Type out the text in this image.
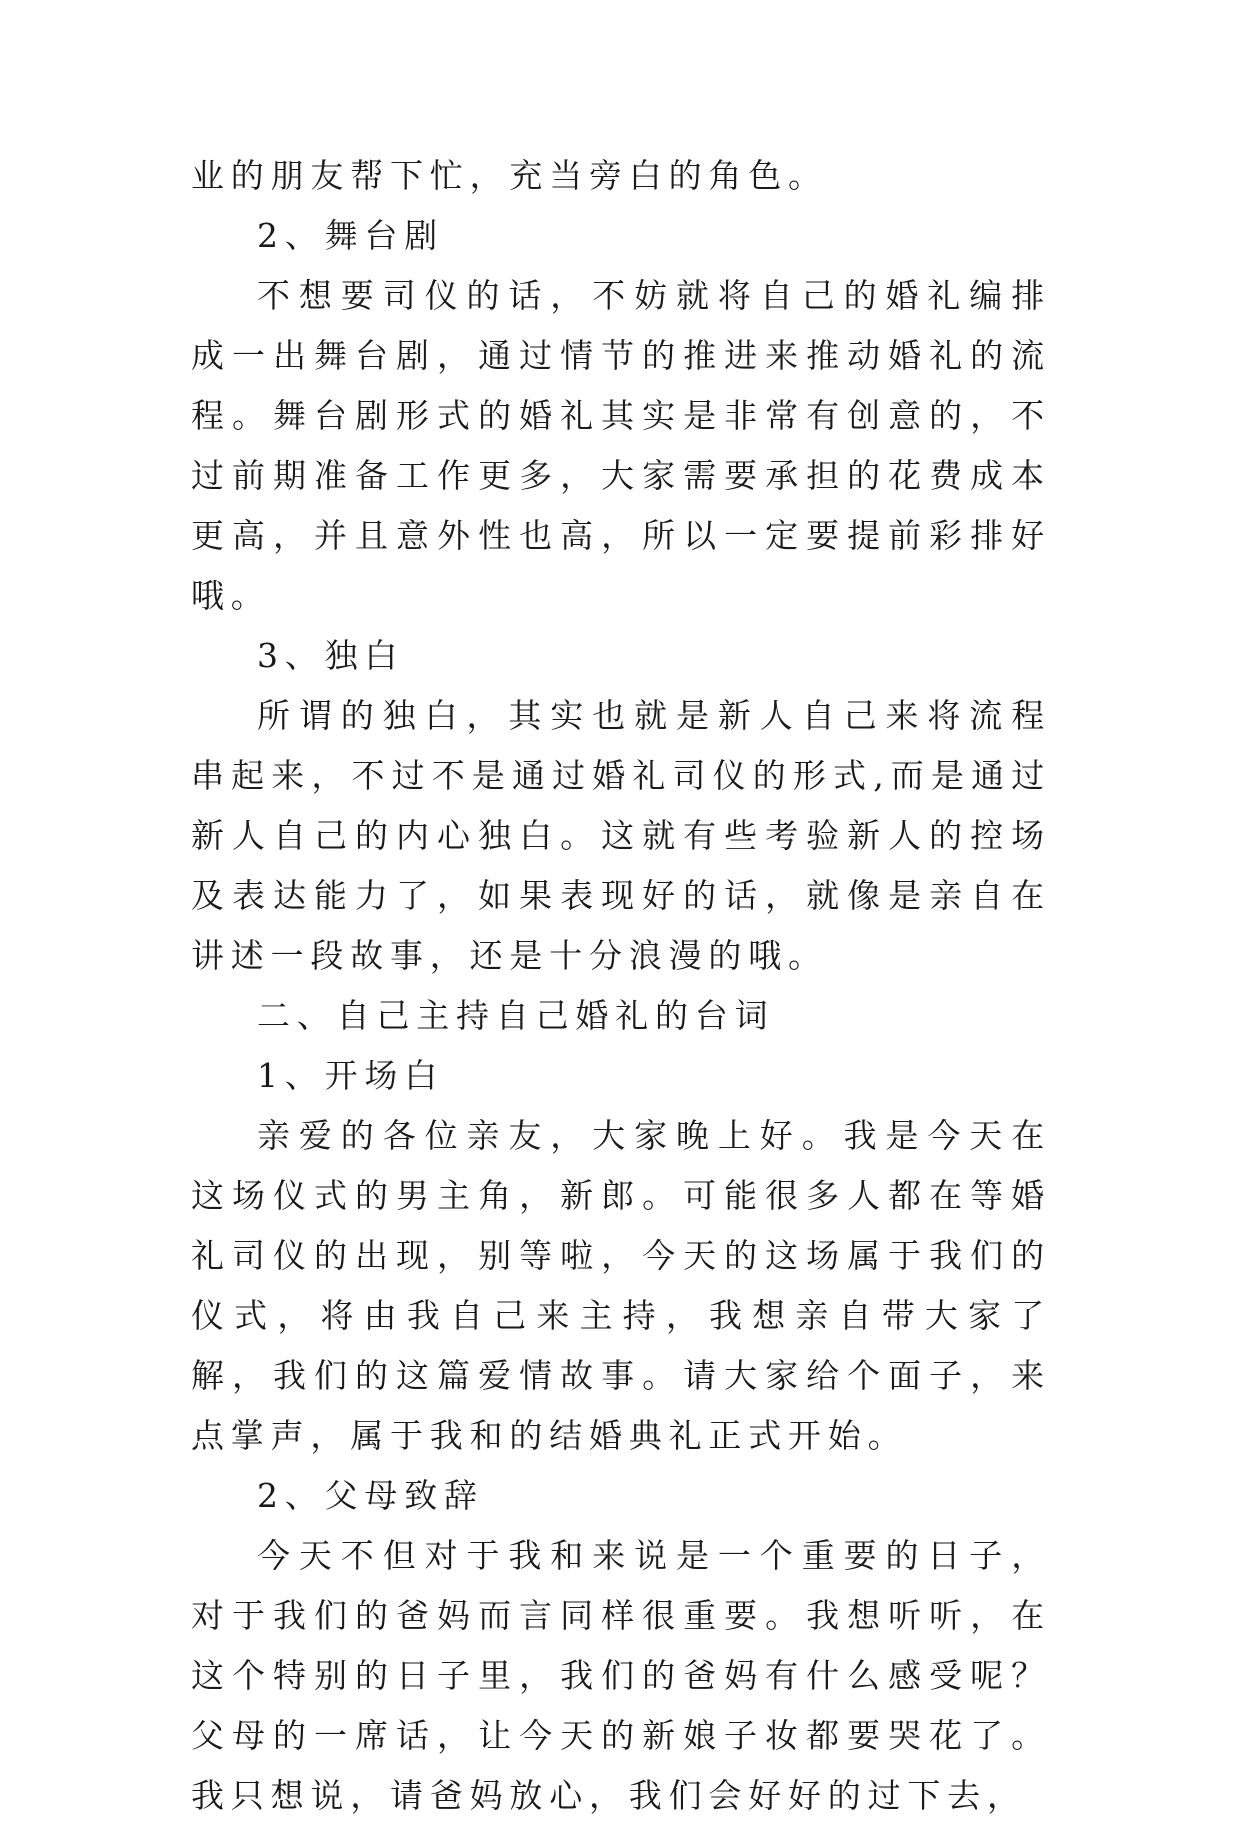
业的朋友帮下忙，充当旁白的角色。

2、舞台剧

不想要司仪的话，不妨就将自己的婚礼编排成一出舞台剧，通过情节的推进来推动婚礼的流程。舞台剧形式的婚礼其实是非常有创意的，不过前期准备工作更多，大家需要承担的花费成本更高，并且意外性也高，所以一定要提前彩排好哦。

3、独白

所谓的独白，其实也就是新人自己来将流程串起来，不过不是通过婚礼司仪的形式,而是通过新人自己的内心独白。这就有些考验新人的控场及表达能力了，如果表现好的话，就像是亲自在讲述一段故事，还是十分浪漫的哦。

二、自己主持自己婚礼的台词

1、开场白

亲爱的各位亲友，大家晚上好。我是今天在这场仪式的男主角，新郎。可能很多人都在等婚礼司仪的出现，别等啦，今天的这场属于我们的仪式，将由我自己来主持，我想亲自带大家了解，我们的这篇爱情故事。请大家给个面子，来点掌声，属于我和的结婚典礼正式开始。

2、父母致辞

今天不但对于我和来说是一个重要的日子，对于我们的爸妈而言同样很重要。我想听听，在这个特别的日子里，我们的爸妈有什么感受呢？父母的一席话，让今天的新娘子妆都要哭花了。我只想说，请爸妈放心，我们会好好的过下去，
